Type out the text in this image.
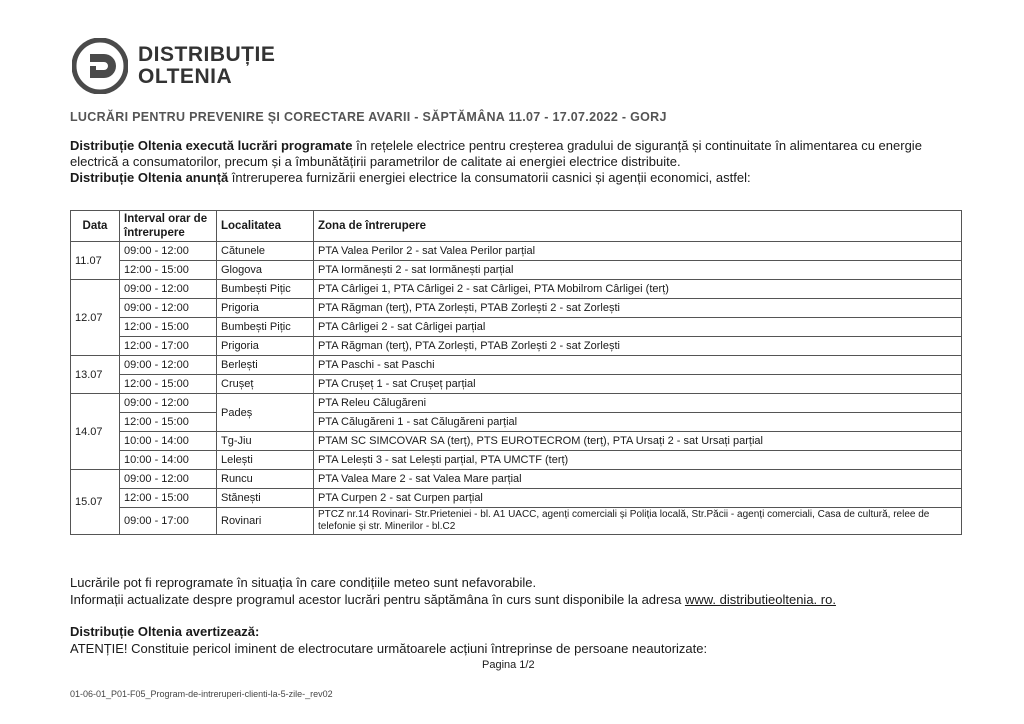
DISTRIBUȚIE
OLTENIA
LUCRĂRI PENTRU PREVENIRE ȘI CORECTARE AVARII - SĂPTĂMÂNA 11.07 - 17.07.2022 - GORJ

Distribuție Oltenia execută lucrări programate în rețelele electrice pentru creșterea gradului de siguranță și continuitate în alimentarea cu energie electrică a consumatorilor, precum și a îmbunătățirii parametrilor de calitate ai energiei electrice distribuite.

Distribuție Oltenia anunță întreruperea furnizării energiei electrice la consumatorii casnici și agenții economici, astfel:

Data	Interval orar de întrerupere	Localitatea	Zona de întrerupere
11.07	09:00 - 12:00	Cătunele	PTA Valea Perilor 2 - sat Valea Perilor parțial
	12:00 - 15:00	Glogova	PTA Iormănești 2 - sat Iormănești parțial
12.07	09:00 - 12:00	Bumbești Pițic	PTA Cârligei 1, PTA Cârligei 2 - sat Cârligei, PTA Mobilrom Cârligei (terț)
	09:00 - 12:00	Prigoria	PTA Răgman (terț), PTA Zorlești, PTAB Zorlești 2 - sat Zorlești
	12:00 - 15:00	Bumbești Pițic	PTA Cârligei 2 - sat Cârligei parțial
	12:00 - 17:00	Prigoria	PTA Răgman (terț), PTA Zorlești, PTAB Zorlești 2 - sat Zorlești
13.07	09:00 - 12:00	Berlești	PTA Paschi - sat Paschi
	12:00 - 15:00	Crușeț	PTA Crușeț 1 - sat Crușeț parțial
14.07	09:00 - 12:00	Padeș	PTA Releu Călugăreni
	12:00 - 15:00		PTA Călugăreni 1 - sat Călugăreni parțial
	10:00 - 14:00	Tg-Jiu	PTAM SC SIMCOVAR SA (terț), PTS EUROTECROM (terț), PTA Ursați 2 - sat Ursați parțial
	10:00 - 14:00	Lelești	PTA Lelești 3 - sat Lelești parțial, PTA UMCTF (terț)
15.07	09:00 - 12:00	Runcu	PTA Valea Mare 2 - sat Valea Mare parțial
	12:00 - 15:00	Stănești	PTA Curpen 2 - sat Curpen parțial
	09:00 - 17:00	Rovinari	PTCZ nr.14 Rovinari- Str.Prieteniei - bl. A1 UACC, agenți comerciali și Poliția locală, Str.Păcii - agenți comerciali, Casa de cultură, relee de telefonie și str. Minerilor - bl.C2

Lucrările pot fi reprogramate în situația în care condițiile meteo sunt nefavorabile.

Informații actualizate despre programul acestor lucrări pentru săptămâna în curs sunt disponibile la adresa www. distributieoltenia. ro.

Distribuție Oltenia avertizează:
ATENȚIE! Constituie pericol iminent de electrocutare următoarele acțiuni întreprinse de persoane neautorizate:
Pagina 1/2
01-06-01_P01-F05_Program-de-intreruperi-clienti-la-5-zile-_rev02
